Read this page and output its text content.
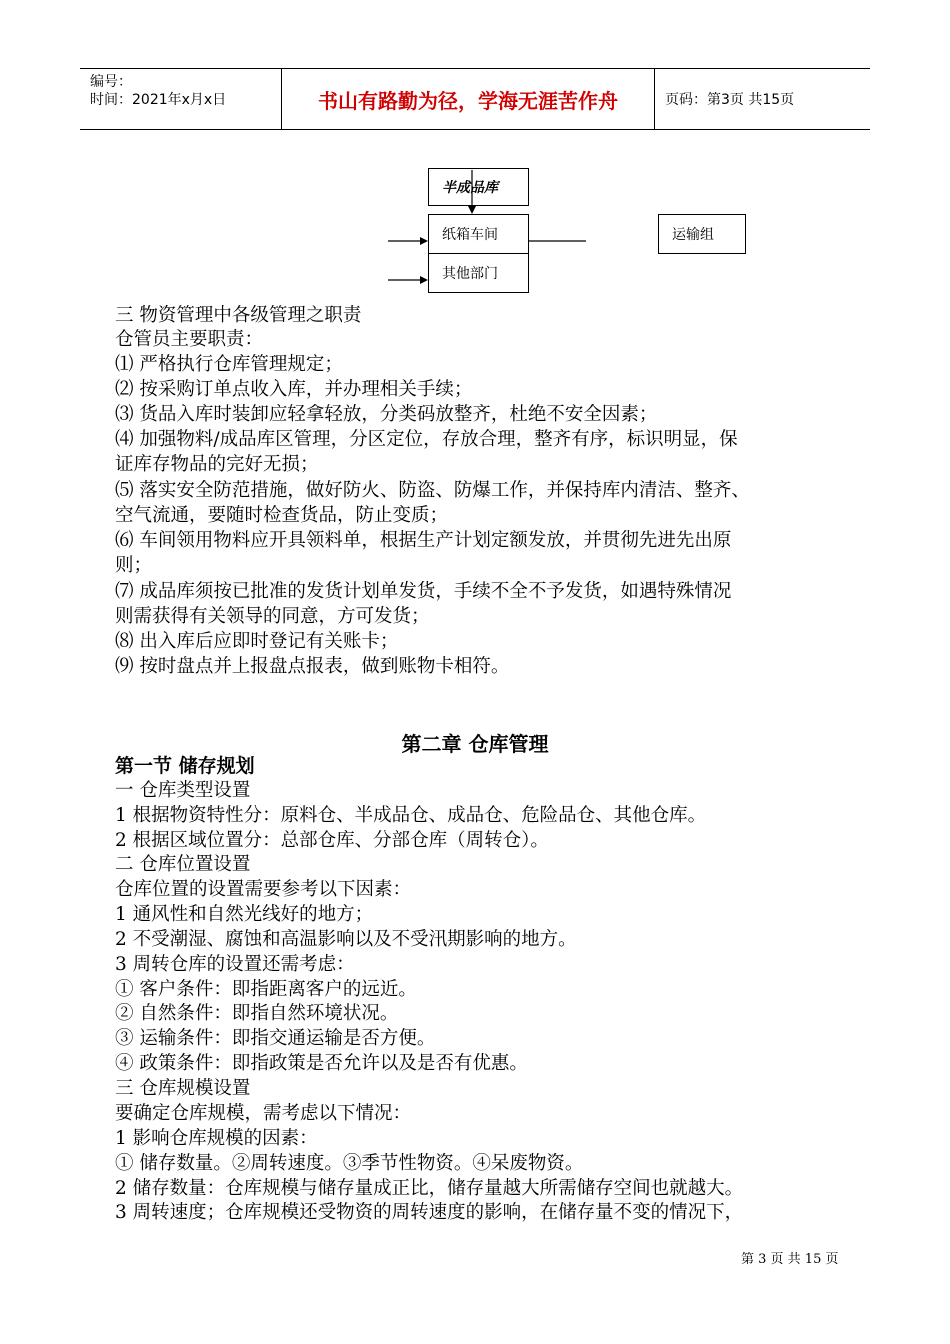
编号：
时间：2021年x月x日	书山有路勤为径，学海无涯苦作舟	页码：第3页 共15页
半成品库
纸箱车间
其他部门
运输组
三 物资管理中各级管理之职责
仓管员主要职责：
⑴ 严格执行仓库管理规定；
⑵ 按采购订单点收入库，并办理相关手续；
⑶ 货品入库时装卸应轻拿轻放，分类码放整齐，杜绝不安全因素；
⑷ 加强物料/成品库区管理，分区定位，存放合理，整齐有序，标识明显，保
证库存物品的完好无损；
⑸ 落实安全防范措施，做好防火、防盗、防爆工作，并保持库内清洁、整齐、
空气流通，要随时检查货品，防止变质；
⑹ 车间领用物料应开具领料单，根据生产计划定额发放，并贯彻先进先出原
则；
⑺ 成品库须按已批准的发货计划单发货，手续不全不予发货，如遇特殊情况
则需获得有关领导的同意，方可发货；
⑻ 出入库后应即时登记有关账卡；
⑼ 按时盘点并上报盘点报表，做到账物卡相符。
第二章 仓库管理
第一节 储存规划
一 仓库类型设置
1 根据物资特性分：原料仓、半成品仓、成品仓、危险品仓、其他仓库。
2 根据区域位置分：总部仓库、分部仓库（周转仓）。
二 仓库位置设置
仓库位置的设置需要参考以下因素：
1 通风性和自然光线好的地方；
2 不受潮湿、腐蚀和高温影响以及不受汛期影响的地方。
3 周转仓库的设置还需考虑：
① 客户条件：即指距离客户的远近。
② 自然条件：即指自然环境状况。
③ 运输条件：即指交通运输是否方便。
④ 政策条件：即指政策是否允许以及是否有优惠。
三 仓库规模设置
要确定仓库规模，需考虑以下情况：
1 影响仓库规模的因素：
① 储存数量。②周转速度。③季节性物资。④呆废物资。
2 储存数量：仓库规模与储存量成正比，储存量越大所需储存空间也就越大。
3 周转速度；仓库规模还受物资的周转速度的影响，在储存量不变的情况下，
第 3 页 共 15 页
